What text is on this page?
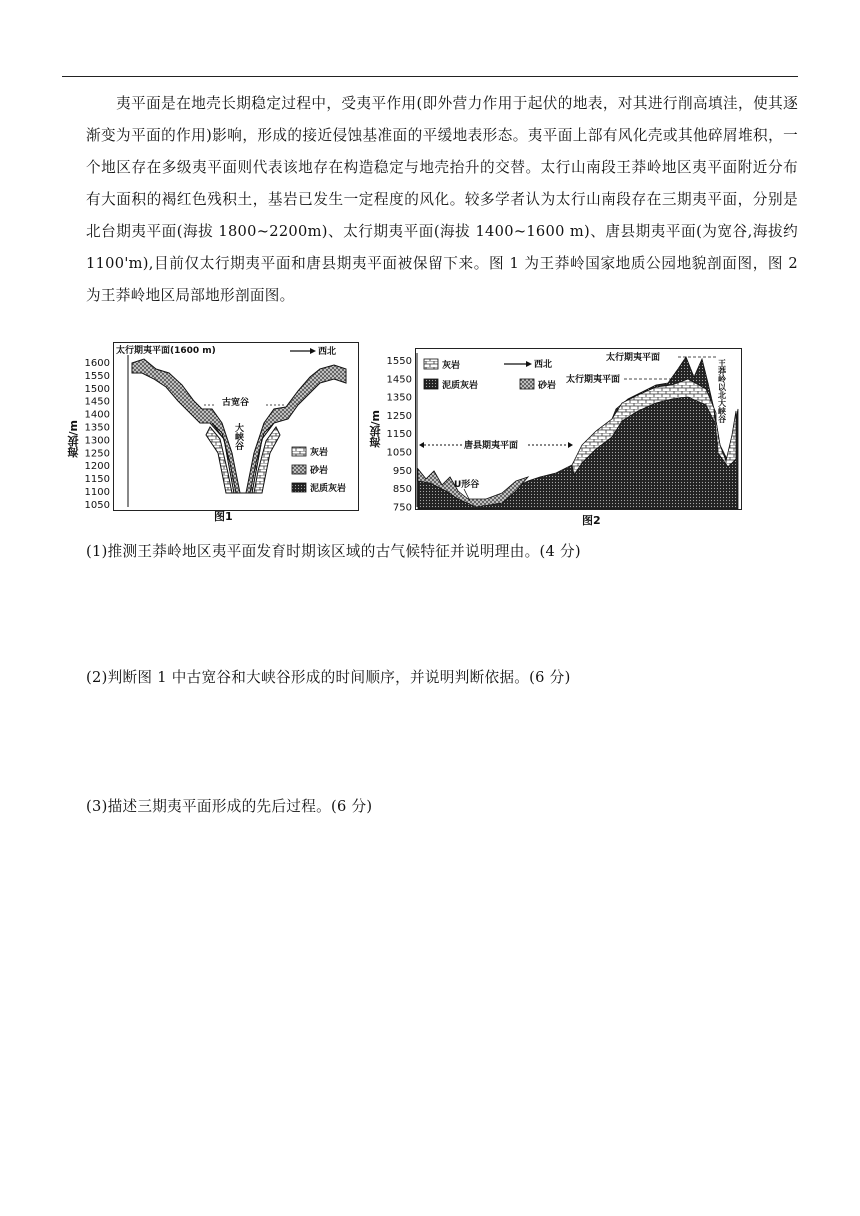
夷平面是在地壳长期稳定过程中，受夷平作用(即外营力作用于起伏的地表，对其进行削高填洼，使其逐渐变为平面的作用)影响，形成的接近侵蚀基准面的平缓地表形态。夷平面上部有风化壳或其他碎屑堆积，一个地区存在多级夷平面则代表该地存在构造稳定与地壳抬升的交替。太行山南段王莽岭地区夷平面附近分布有大面积的褐红色残积土，基岩已发生一定程度的风化。较多学者认为太行山南段存在三期夷平面，分别是北台期夷平面(海拔 1800~2200m)、太行期夷平面(海拔 1400~1600 m)、唐县期夷平面(为宽谷,海拔约 1100'm),目前仅太行期夷平面和唐县期夷平面被保留下来。图 1 为王莽岭国家地质公园地貌剖面图，图 2 为王莽岭地区局部地形剖面图。
太行期夷平面(1600 m)	西北
古宽谷
大峡谷
灰岩
砂岩
泥质灰岩
1600
1550
1500
1450
1400
1350
1300
1250
1200
1150
1100
1050
海拔/m
图1
灰岩
泥质灰岩	砂岩
西北
太行期夷平面
太行期夷平面	王莽岭以北大峡谷
唐县期夷平面
U形谷
1550
1450
1350
1250
1150
1050
950
850
750
海拔/m
图2
(1)推测王莽岭地区夷平面发育时期该区域的古气候特征并说明理由。(4 分)
(2)判断图 1 中古宽谷和大峡谷形成的时间顺序，并说明判断依据。(6 分)
(3)描述三期夷平面形成的先后过程。(6 分)
